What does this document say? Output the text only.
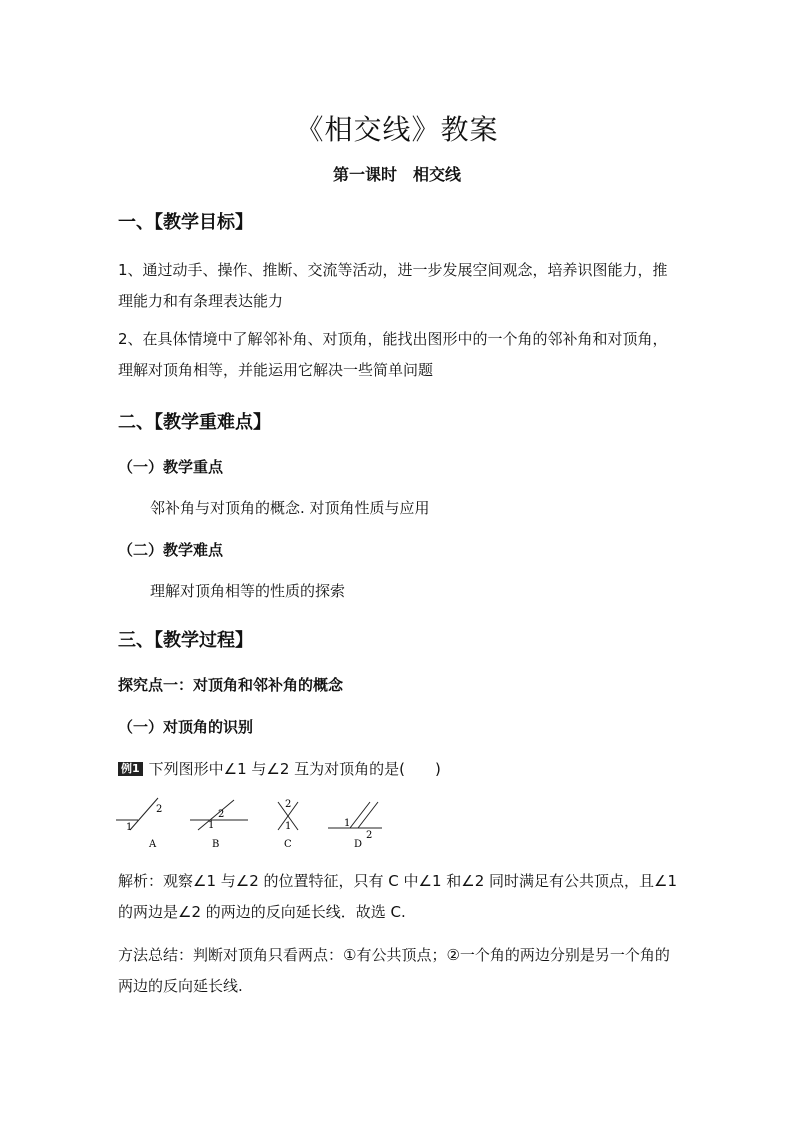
《相交线》教案
第一课时　相交线
一、【教学目标】
1、通过动手、操作、推断、交流等活动，进一步发展空间观念，培养识图能力，推理能力和有条理表达能力
2、在具体情境中了解邻补角、对顶角，能找出图形中的一个角的邻补角和对顶角，理解对顶角相等，并能运用它解决一些简单问题
二、【教学重难点】
（一）教学重点
邻补角与对顶角的概念. 对顶角性质与应用
（二）教学难点
理解对顶角相等的性质的探索
三、【教学过程】
探究点一：对顶角和邻补角的概念
（一）对顶角的识别
例1 下列图形中∠1 与∠2 互为对顶角的是(　　)
1
2
A
1
2
B
2
1
C
1
2
D
解析：观察∠1 与∠2 的位置特征，只有 C 中∠1 和∠2 同时满足有公共顶点，且∠1 的两边是∠2 的两边的反向延长线．故选 C.
方法总结：判断对顶角只看两点：①有公共顶点；②一个角的两边分别是另一个角的两边的反向延长线.
